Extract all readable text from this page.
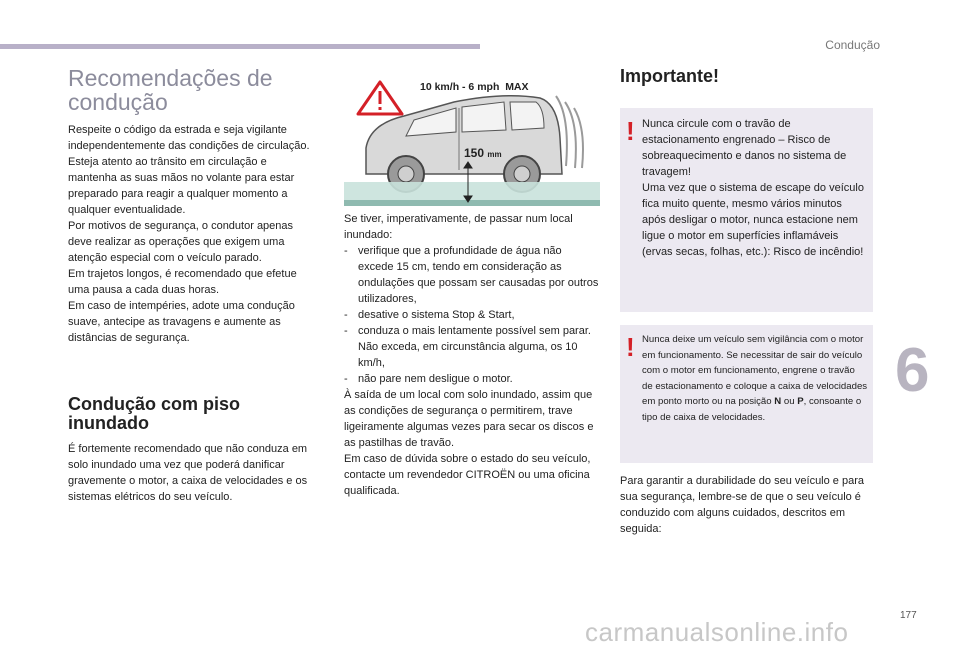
Condução
Recomendações de condução

Respeite o código da estrada e seja vigilante independentemente das condições de circulação.

Esteja atento ao trânsito em circulação e mantenha as suas mãos no volante para estar preparado para reagir a qualquer momento a qualquer eventualidade.

Por motivos de segurança, o condutor apenas deve realizar as operações que exigem uma atenção especial com o veículo parado.

Em trajetos longos, é recomendado que efetue uma pausa a cada duas horas.

Em caso de intempéries, adote uma condução suave, antecipe as travagens e aumente as distâncias de segurança.

Condução com piso inundado

É fortemente recomendado que não conduza em solo inundado uma vez que poderá danificar gravemente o motor, a caixa de velocidades e os sistemas elétricos do seu veículo.

10 km/h - 6 mph  MAX
150 mm

Se tiver, imperativamente, de passar num local inundado:

- verifique que a profundidade de água não excede 15 cm, tendo em consideração as ondulações que possam ser causadas por outros utilizadores,
- desative o sistema Stop & Start,
- conduza o mais lentamente possível sem parar. Não exceda, em circunstância alguma, os 10 km/h,
- não pare nem desligue o motor.

À saída de um local com solo inundado, assim que as condições de segurança o permitirem, trave ligeiramente algumas vezes para secar os discos e as pastilhas de travão.

Em caso de dúvida sobre o estado do seu veículo, contacte um revendedor CITROËN ou uma oficina qualificada.

Importante!
! Nunca circule com o travão de estacionamento engrenado – Risco de sobreaquecimento e danos no sistema de travagem!

Uma vez que o sistema de escape do veículo fica muito quente, mesmo vários minutos após desligar o motor, nunca estacione nem ligue o motor em superfícies inflamáveis (ervas secas, folhas, etc.): Risco de incêndio!

! Nunca deixe um veículo sem vigilância com o motor em funcionamento. Se necessitar de sair do veículo com o motor em funcionamento, engrene o travão de estacionamento e coloque a caixa de velocidades em ponto morto ou na posição N ou P, consoante o tipo de caixa de velocidades.

Para garantir a durabilidade do seu veículo e para sua segurança, lembre-se de que o seu veículo é conduzido com alguns cuidados, descritos em seguida:

6
177
carmanualsonline.info
